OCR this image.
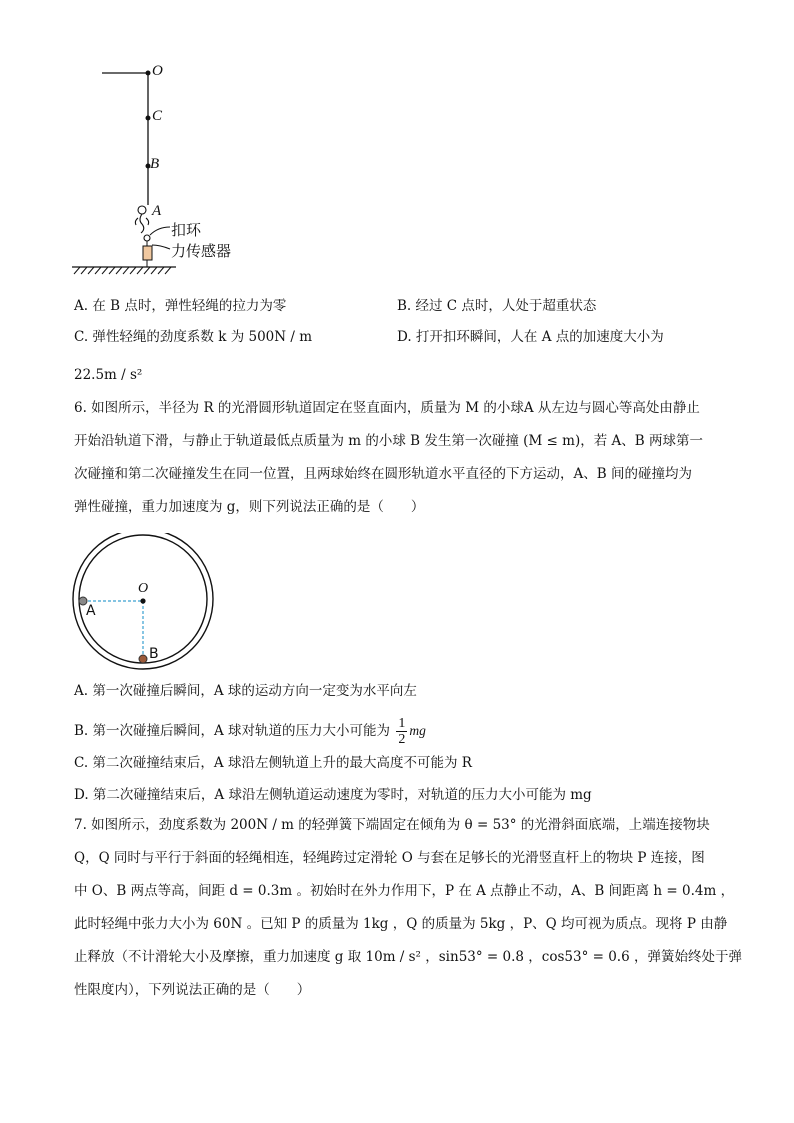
O
C
B
A
扣环
力传感器
A. 在 B 点时，弹性轻绳的拉力为零	B. 经过 C 点时，人处于超重状态
C. 弹性轻绳的劲度系数 k 为 500N / m	D. 打开扣环瞬间，人在 A 点的加速度大小为
22.5m / s²
6. 如图所示，半径为 R 的光滑圆形轨道固定在竖直面内，质量为 M 的小球A 从左边与圆心等高处由静止
开始沿轨道下滑，与静止于轨道最低点质量为 m 的小球 B 发生第一次碰撞 (M ≤ m)，若 A、B 两球第一
次碰撞和第二次碰撞发生在同一位置，且两球始终在圆形轨道水平直径的下方运动，A、B 间的碰撞均为
弹性碰撞，重力加速度为 g，则下列说法正确的是（　　）
O
A
B
A. 第一次碰撞后瞬间，A 球的运动方向一定变为水平向左
B. 第一次碰撞后瞬间，A 球对轨道的压力大小可能为 $\frac{1}{2}$ mg
C. 第二次碰撞结束后，A 球沿左侧轨道上升的最大高度不可能为 R
D. 第二次碰撞结束后，A 球沿左侧轨道运动速度为零时，对轨道的压力大小可能为 mg
7. 如图所示，劲度系数为 200N / m 的轻弹簧下端固定在倾角为 θ = 53° 的光滑斜面底端，上端连接物块
Q，Q 同时与平行于斜面的轻绳相连，轻绳跨过定滑轮 O 与套在足够长的光滑竖直杆上的物块 P 连接，图
中 O、B 两点等高，间距 d = 0.3m 。初始时在外力作用下，P 在 A 点静止不动，A、B 间距离 h = 0.4m ，
此时轻绳中张力大小为 60N 。已知 P 的质量为 1kg ，Q 的质量为 5kg ，P、Q 均可视为质点。现将 P 由静
止释放（不计滑轮大小及摩擦，重力加速度 g 取 10m / s² ，sin53° = 0.8 ，cos53° = 0.6 ，弹簧始终处于弹
性限度内），下列说法正确的是（　　）
